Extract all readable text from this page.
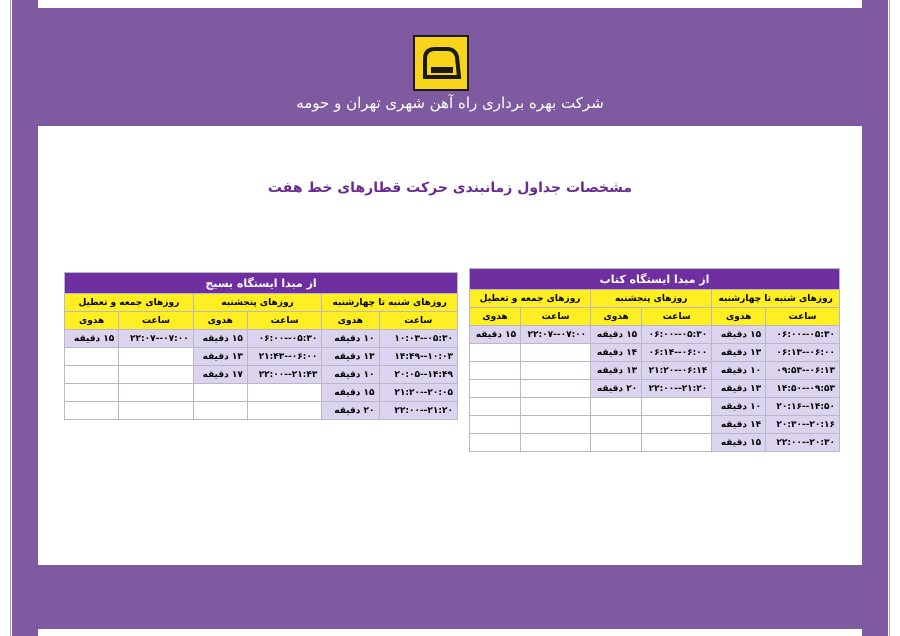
شرکت بهره برداری راه آهن شهری تهران و حومه
مشخصات جداول زمانبندی حرکت قطارهای خط هفت
از مبدا ایستگاه کتاب					
روزهای شنبه تا چهارشنبه		روزهای پنجشنبه		روزهای جمعه و تعطیل	
ساعت	هدوی	ساعت	هدوی	ساعت	هدوی
۰۵:۳۰--۰۶:۰۰	۱۵ دقیقه	۰۵:۳۰--۰۶:۰۰	۱۵ دقیقه	۰۷:۰۰--۲۲:۰۷	۱۵ دقیقه
۰۶:۰۰--۰۶:۱۳	۱۳ دقیقه	۰۶:۰۰--۰۶:۱۴	۱۴ دقیقه		
۰۶:۱۳--۰۹:۵۳	۱۰ دقیقه	۰۶:۱۴--۲۱:۲۰	۱۳ دقیقه		
۰۹:۵۳--۱۴:۵۰	۱۳ دقیقه	۲۱:۲۰--۲۲:۰۰	۲۰ دقیقه		
۱۴:۵۰--۲۰:۱۶	۱۰ دقیقه				
۲۰:۱۶--۲۰:۳۰	۱۴ دقیقه				
۲۰:۳۰--۲۲:۰۰	۱۵ دقیقه				
از مبدا ایستگاه بسیج					
روزهای شنبه تا چهارشنبه		روزهای پنجشنبه		روزهای جمعه و تعطیل	
ساعت	هدوی	ساعت	هدوی	ساعت	هدوی
۰۵:۳۰--۱۰:۰۳	۱۰ دقیقه	۰۵:۳۰--۰۶:۰۰	۱۵ دقیقه	۰۷:۰۰--۲۲:۰۷	۱۵ دقیقه
۱۰:۰۳--۱۴:۴۹	۱۳ دقیقه	۰۶:۰۰--۲۱:۴۳	۱۳ دقیقه		
۱۴:۴۹--۲۰:۰۵	۱۰ دقیقه	۲۱:۴۳--۲۲:۰۰	۱۷ دقیقه		
۲۰:۰۵--۲۱:۲۰	۱۵ دقیقه				
۲۱:۲۰--۲۲:۰۰	۲۰ دقیقه				
